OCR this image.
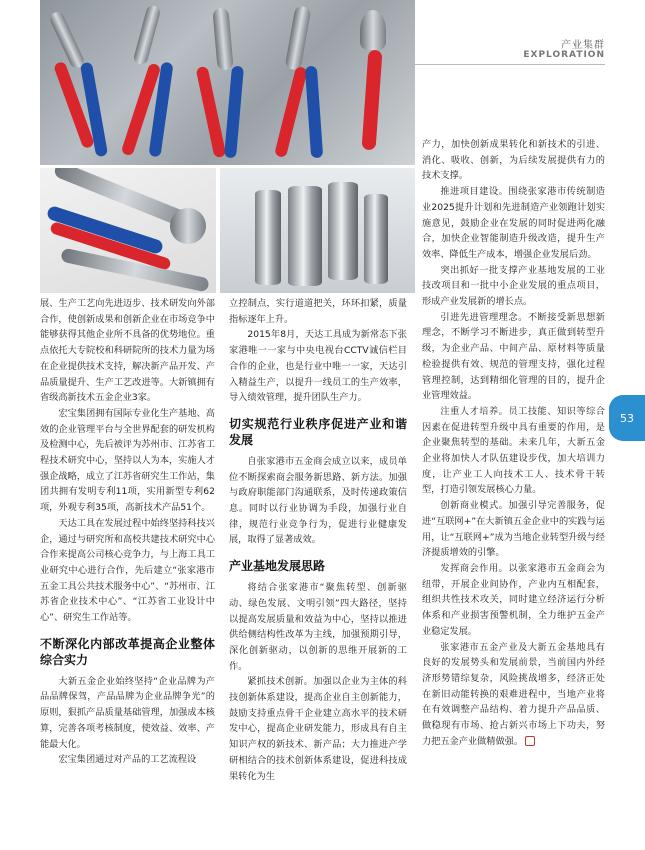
产业集群
EXPLORATION
53

展、生产工艺向先进迈步、技术研发向外部合作，使创新成果和创新企业在市场竞争中能够获得其他企业所不具备的优势地位。重点依托大专院校和科研院所的技术力量为场在企业提供技术支持，解决新产品开发、产品质量提升、生产工艺改进等。大新镇拥有省级高新技术五金企业3家。

宏宝集团拥有国际专业化生产基地、高效的企业管理平台与全世界配套的研发机构及检测中心，先后被评为苏州市、江苏省工程技术研究中心，坚持以人为本，实施人才强企战略，成立了江苏省研究生工作站，集团共拥有发明专利11项，实用新型专利62项，外观专利35项，高新技术产品51个。

天达工具在发展过程中始终坚持科技兴企，通过与研究所和高校共建技术研究中心合作来提高公司核心竞争力，与上海工具工业研究中心进行合作，先后建立“张家港市五金工具公共技术服务中心”、“苏州市、江苏省企业技术中心”、“江苏省工业设计中心”、研究生工作站等。

不断深化内部改革提高企业整体综合实力

大新五金企业始终坚持“企业品牌为产品品牌保驾，产品品牌为企业品牌争光”的原则，狠抓产品质量基础管理，加强成本核算，完善各项考核制度，使效益、效率、产能最大化。

宏宝集团通过对产品的工艺流程设

立控制点，实行道道把关，环环扣紧，质量指标逐年上升。

2015年8月，天达工具成为新常态下张家港唯一一家与中央电视台CCTV诚信栏目合作的企业，也是行业中唯一一家，天达引入精益生产，以提升一线员工的生产效率，导入绩效管理，提升团队生产力。

切实规范行业秩序促进产业和谐发展

自张家港市五金商会成立以来，成员单位不断探索商会服务新思路、新方法。加强与政府职能部门沟通联系，及时传递政策信息。同时以行业协调为手段，加强行业自律，规范行业竞争行为，促进行业健康发展，取得了显著成效。

产业基地发展思路

将结合张家港市“聚焦转型、创新驱动、绿色发展、文明引领”四大路径，坚持以提高发展质量和效益为中心，坚持以推进供给侧结构性改革为主线，加强预期引导，深化创新驱动，以创新的思维开展新的工作。

紧抓技术创新。加强以企业为主体的科技创新体系建设，提高企业自主创新能力，鼓励支持重点骨干企业建立高水平的技术研发中心，提高企业研发能力，形成具有自主知识产权的新技术、新产品；大力推进产学研相结合的技术创新体系建设，促进科技成果转化为生

产力，加快创新成果转化和新技术的引进、消化、吸收、创新，为后续发展提供有力的技术支撑。

推进项目建设。围绕张家港市传统制造业2025提升计划和先进制造产业领跑计划实施意见，鼓励企业在发展的同时促进两化融合，加快企业智能制造升级改造，提升生产效率、降低生产成本，增强企业发展后劲。

突出抓好一批支撑产业基地发展的工业技改项目和一批中小企业发展的重点项目，形成产业发展新的增长点。

引进先进管理理念。不断接受新思想新理念，不断学习不断进步，真正做到转型升级，为企业产品、中间产品、原材料等质量检验提供有效、规范的管理支持，强化过程管理控制，达到精细化管理的目的，提升企业管理效益。

注重人才培养。员工技能、知识等综合因素在促进转型升级中具有重要的作用，是企业聚焦转型的基础。未来几年，大新五金企业将加快人才队伍建设步伐，加大培训力度，让产业工人向技术工人、技术骨干转型，打造引领发展核心力量。

创新商业模式。加强引导完善服务，促进“互联网+”在大新镇五金企业中的实践与运用，让“互联网+”成为当地企业转型升级与经济提质增效的引擎。

发挥商会作用。以张家港市五金商会为纽带，开展企业间协作，产业内互相配套，组织共性技术攻关，同时建立经济运行分析体系和产业损害预警机制，全力维护五金产业稳定发展。

张家港市五金产业及大新五金基地具有良好的发展势头和发展前景，当前国内外经济形势错综复杂，风险挑战增多，经济正处在新旧动能转换的艰难进程中，当地产业将在有效调整产品结构、着力提升产品品质、做稳现有市场、抢占新兴市场上下功夫，努力把五金产业做精做强。
